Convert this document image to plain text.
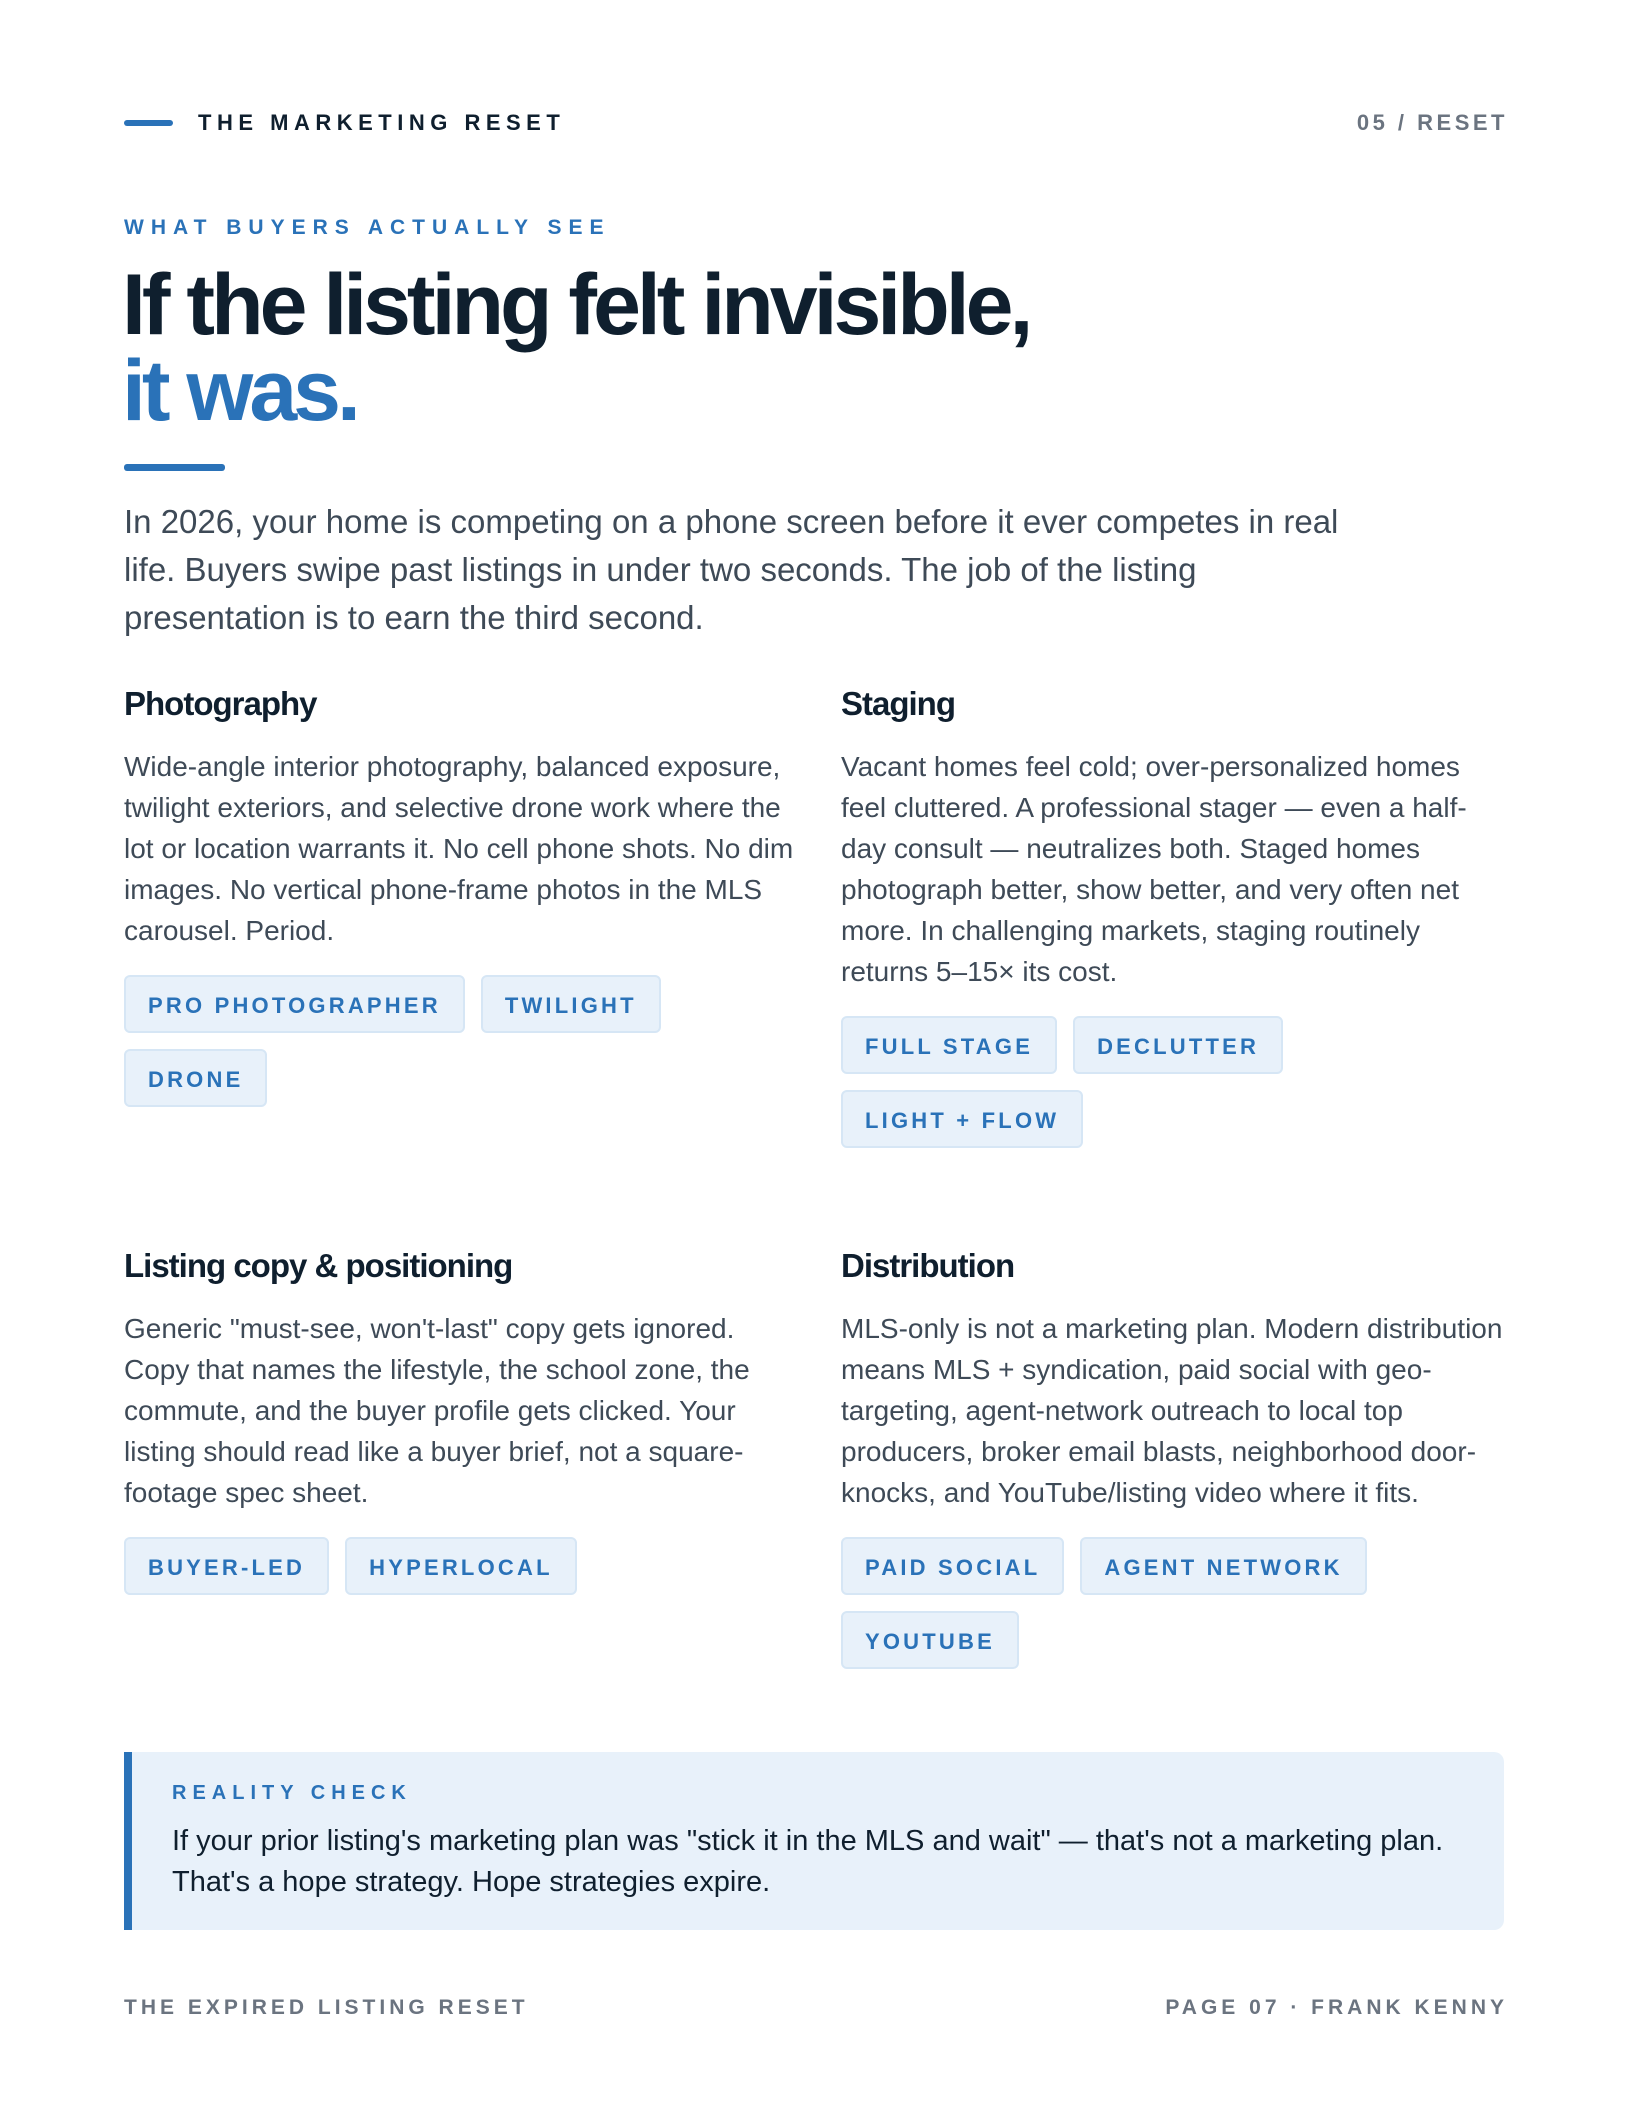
THE MARKETING RESET	05 / RESET
WHAT BUYERS ACTUALLY SEE
If the listing felt invisible,
it was.

In 2026, your home is competing on a phone screen before it ever competes in real life. Buyers swipe past listings in under two seconds. The job of the listing presentation is to earn the third second.

Photography

Wide-angle interior photography, balanced exposure, twilight exteriors, and selective drone work where the lot or location warrants it. No cell phone shots. No dim images. No vertical phone-frame photos in the MLS carousel. Period.

PRO PHOTOGRAPHER	TWILIGHT
DRONE
Staging

Vacant homes feel cold; over-personalized homes feel cluttered. A professional stager — even a half-day consult — neutralizes both. Staged homes photograph better, show better, and very often net more. In challenging markets, staging routinely returns 5–15× its cost.

FULL STAGE	DECLUTTER
LIGHT + FLOW
Listing copy & positioning

Generic "must-see, won't-last" copy gets ignored. Copy that names the lifestyle, the school zone, the commute, and the buyer profile gets clicked. Your listing should read like a buyer brief, not a square-footage spec sheet.

BUYER-LED	HYPERLOCAL
Distribution

MLS-only is not a marketing plan. Modern distribution means MLS + syndication, paid social with geo-targeting, agent-network outreach to local top producers, broker email blasts, neighborhood door-knocks, and YouTube/listing video where it fits.

PAID SOCIAL	AGENT NETWORK
YOUTUBE
REALITY CHECK
If your prior listing's marketing plan was "stick it in the MLS and wait" — that's not a marketing plan. That's a hope strategy. Hope strategies expire.
THE EXPIRED LISTING RESET	PAGE 07 · FRANK KENNY
